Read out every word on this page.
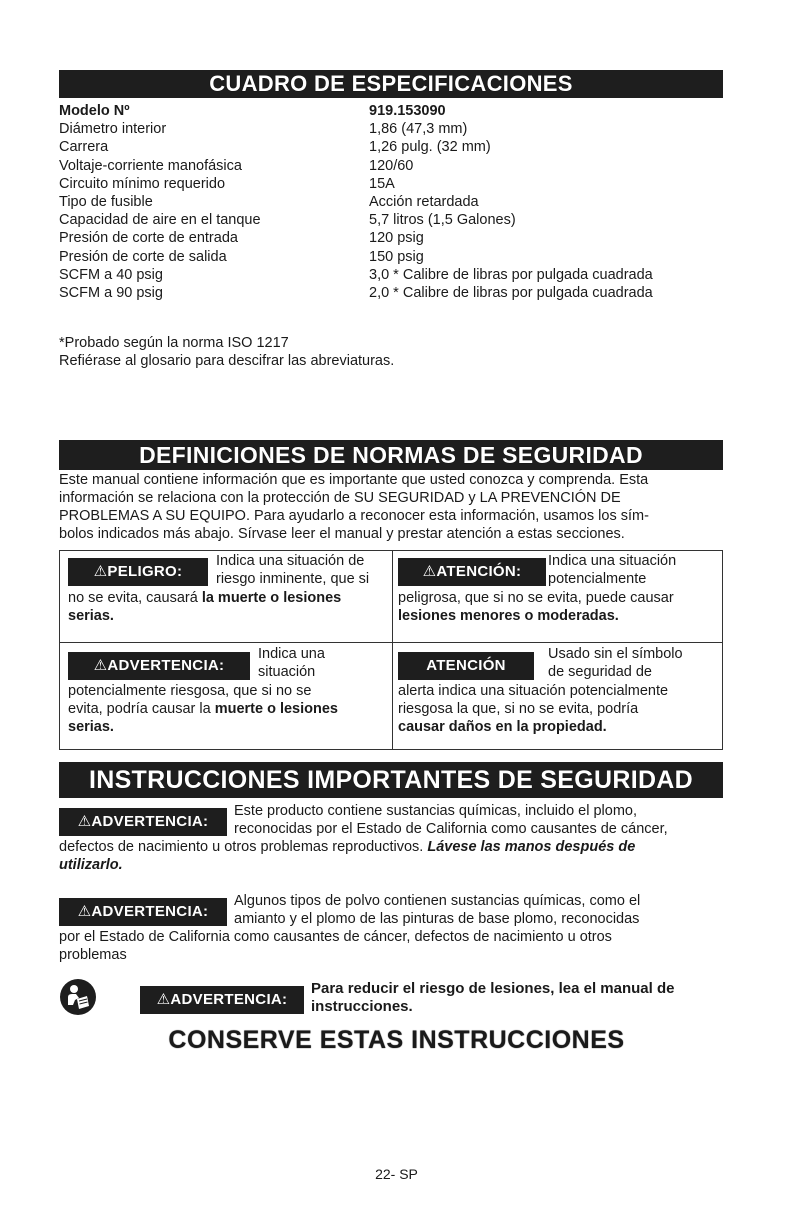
CUADRO DE ESPECIFICACIONES
Modelo Nº	919.153090
Diámetro interior	1,86 (47,3 mm)
Carrera	1,26 pulg. (32 mm)
Voltaje-corriente manofásica	120/60
Circuito mínimo requerido	15A
Tipo de fusible	Acción retardada
Capacidad de aire en el tanque	5,7 litros (1,5 Galones)
Presión de corte de entrada	120 psig
Presión de corte de salida	150 psig
SCFM a 40 psig	3,0 * Calibre de libras por pulgada cuadrada
SCFM a 90 psig	2,0 * Calibre de libras por pulgada cuadrada
*Probado según la norma ISO 1217
Refiérase al glosario para descifrar las abreviaturas.
DEFINICIONES DE NORMAS DE SEGURIDAD
Este manual contiene información que es importante que usted conozca y comprenda. Esta
información se relaciona con la protección de SU SEGURIDAD y LA PREVENCIÓN DE
PROBLEMAS A SU EQUIPO. Para ayudarlo a reconocer esta información, usamos los sím-
bolos indicados más abajo. Sírvase leer el manual y prestar atención a estas secciones.
⚠PELIGRO:
Indica una situación de
riesgo inminente, que si
no se evita, causará la muerte o lesiones
serias.
⚠ATENCIÓN:
Indica una situación
potencialmente
peligrosa, que si no se evita, puede causar
lesiones menores o moderadas.
⚠ADVERTENCIA:
Indica una
situación
potencialmente riesgosa, que si no se
evita, podría causar la muerte o lesiones
serias.
ATENCIÓN
Usado sin el símbolo
de seguridad de
alerta indica una situación potencialmente
riesgosa la que, si no se evita, podría
causar daños en la propiedad.
INSTRUCCIONES IMPORTANTES DE SEGURIDAD
⚠ADVERTENCIA:
Este producto contiene sustancias químicas, incluido el plomo,
reconocidas por el Estado de California como causantes de cáncer,
defectos de nacimiento u otros problemas reproductivos. Lávese las manos después de
utilizarlo.
⚠ADVERTENCIA:
Algunos tipos de polvo contienen sustancias químicas, como el
amianto y el plomo de las pinturas de base plomo, reconocidas
por el Estado de California como causantes de cáncer, defectos de nacimiento u otros
problemas
⚠ADVERTENCIA:
Para reducir el riesgo de lesiones, lea el manual de
instrucciones.
CONSERVE ESTAS INSTRUCCIONES
22- SP
